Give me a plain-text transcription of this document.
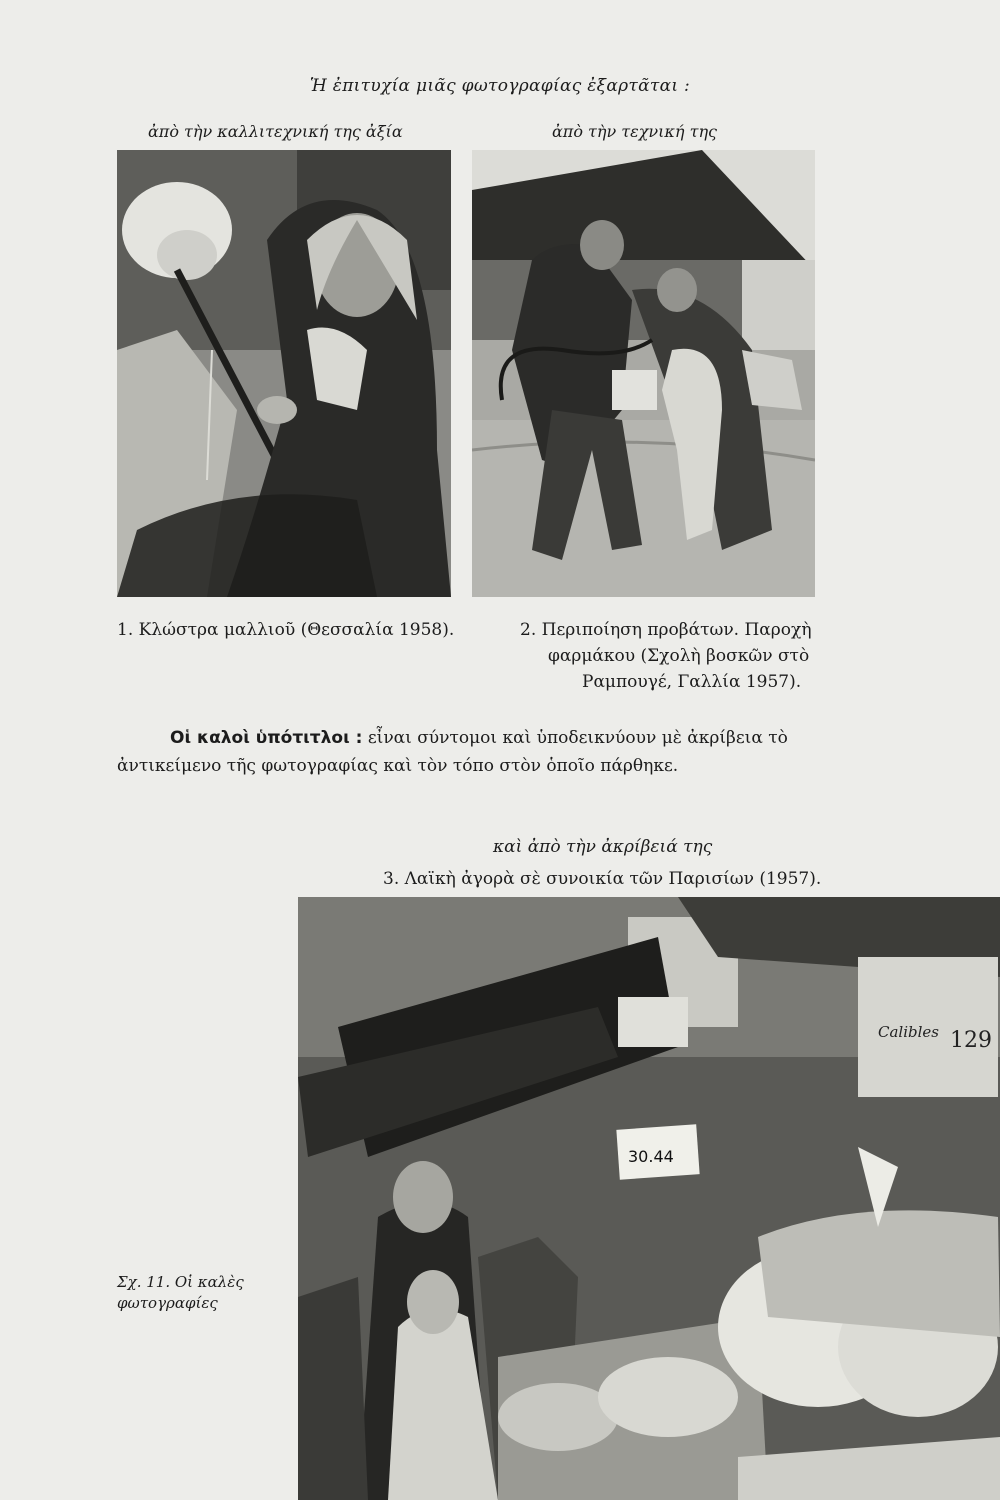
Ἡ ἐπιτυχία μιᾶς φωτογραφίας ἐξαρτᾶται :
ἀπὸ τὴν καλλιτεχνική της ἀξία	ἀπὸ τὴν τεχνική της
1. Κλώστρα μαλλιοῦ (Θεσσαλία 1958).	2. Περιποίηση προβάτων. Παροχὴ
φαρμάκου (Σχολὴ βοσκῶν στὸ
Ραμπουγέ, Γαλλία 1957).
Οἱ καλοὶ ὑπότιτλοι : εἶναι σύντομοι καὶ ὑποδεικνύουν μὲ ἀκρίβεια τὸ
ἀντικείμενο τῆς φωτογραφίας καὶ τὸν τόπο στὸν ὁποῖο πάρθηκε.
καὶ ἀπὸ τὴν ἀκρίβειά της
3. Λαϊκὴ ἀγορὰ σὲ συνοικία τῶν Παρισίων (1957).
Calibles 129
30.44
Σχ. 11. Οἱ καλὲς
φωτογραφίες
